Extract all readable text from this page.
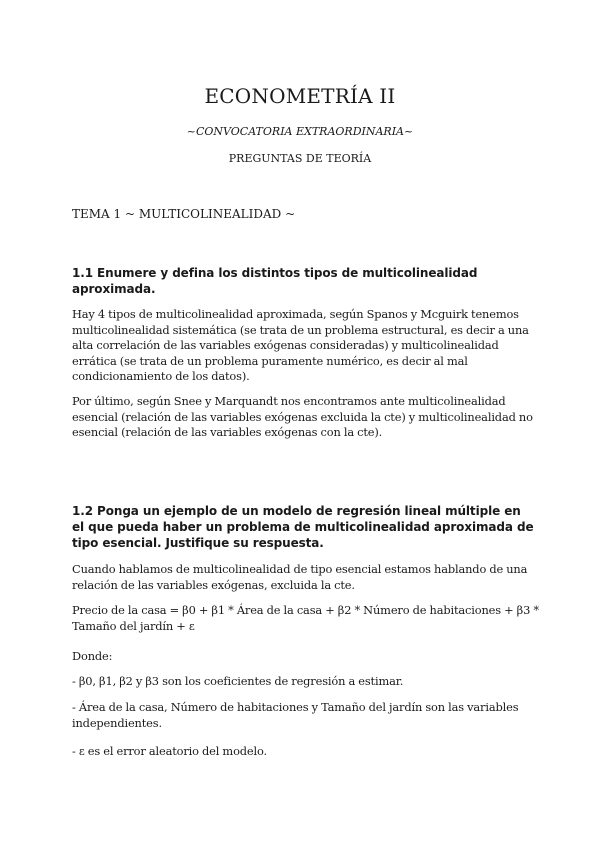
ECONOMETRÍA II

~CONVOCATORIA EXTRAORDINARIA~

PREGUNTAS DE TEORÍA

TEMA 1 ~ MULTICOLINEALIDAD ~

1.1 Enumere y defina los distintos tipos de multicolinealidad aproximada.

Hay 4 tipos de multicolinealidad aproximada, según Spanos y Mcguirk tenemos multicolinealidad sistemática (se trata de un problema estructural, es decir a una alta correlación de las variables exógenas consideradas) y multicolinealidad errática (se trata de un problema puramente numérico, es decir al mal condicionamiento de los datos).

Por último, según Snee y Marquandt nos encontramos ante multicolinealidad esencial (relación de las variables exógenas excluida la cte) y multicolinealidad no esencial (relación de las variables exógenas con la cte).

1.2 Ponga un ejemplo de un modelo de regresión lineal múltiple en el que pueda haber un problema de multicolinealidad aproximada de tipo esencial. Justifique su respuesta.

Cuando hablamos de multicolinealidad de tipo esencial estamos hablando de una relación de las variables exógenas, excluida la cte.

Precio de la casa = β0 + β1 * Área de la casa + β2 * Número de habitaciones + β3 * Tamaño del jardín + ε

Donde:

- β0, β1, β2 y β3 son los coeficientes de regresión a estimar.

- Área de la casa, Número de habitaciones y Tamaño del jardín son las variables independientes.

- ε es el error aleatorio del modelo.
